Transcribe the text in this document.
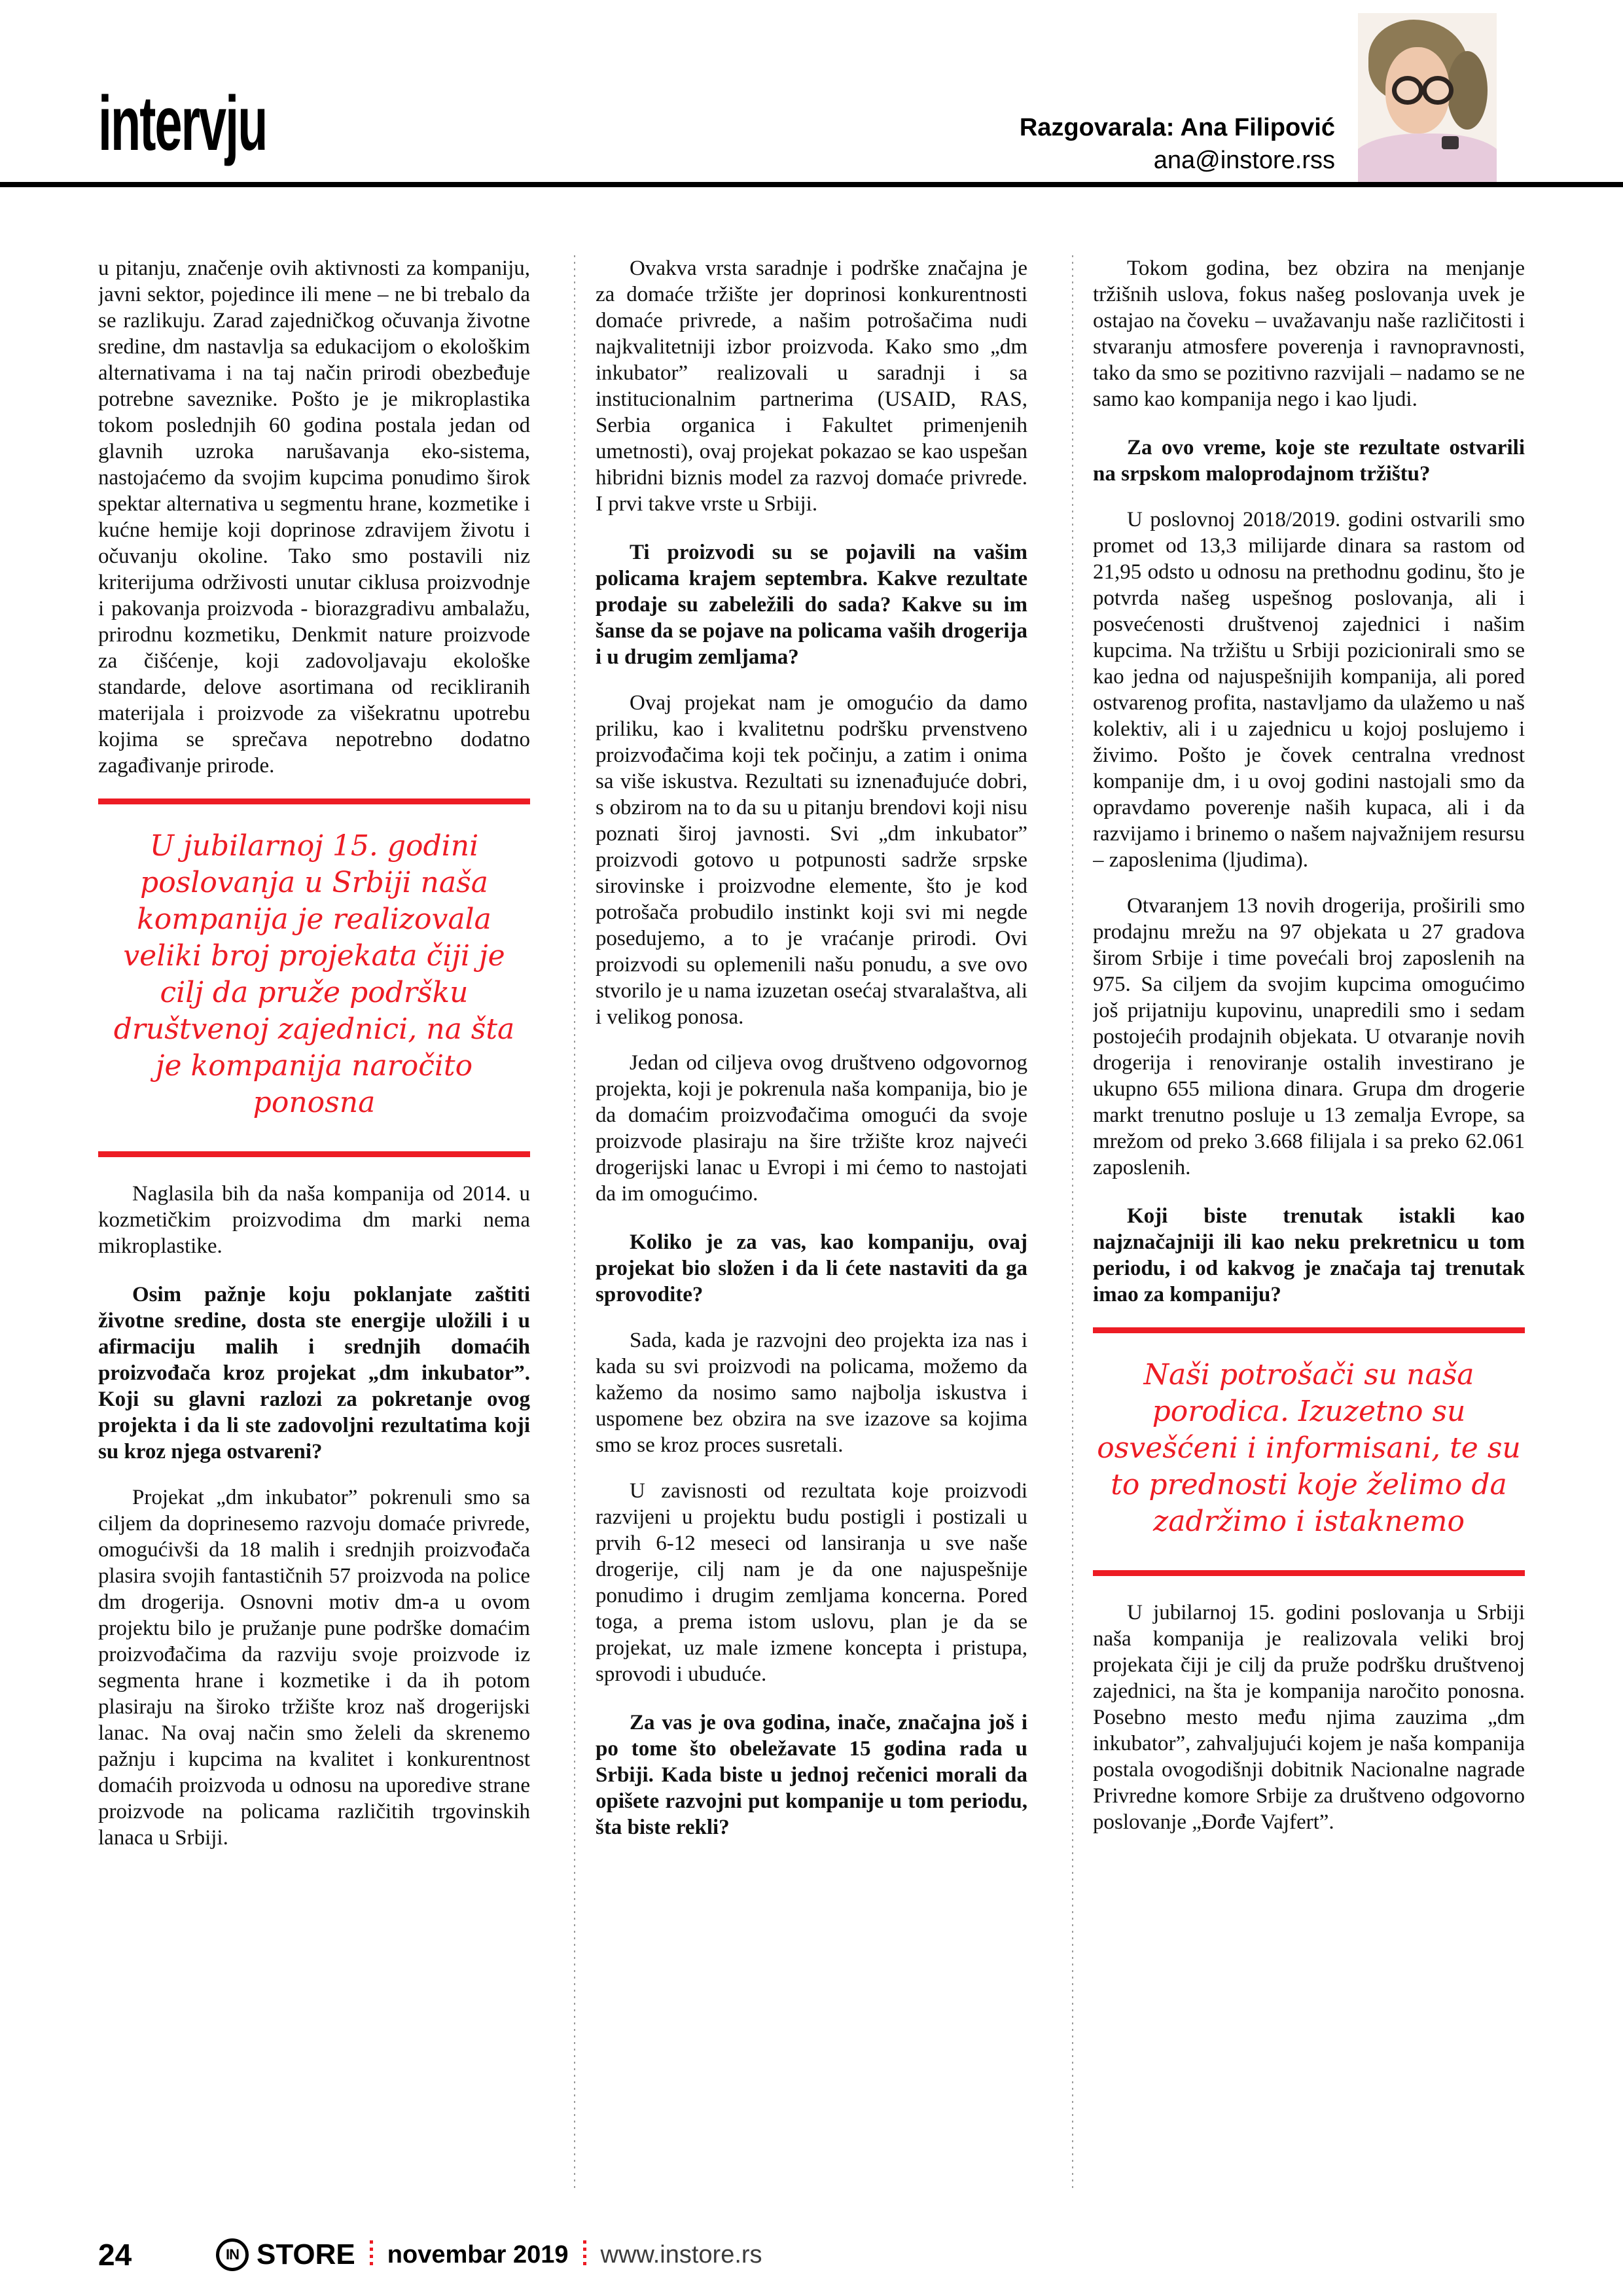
intervju	Razgovarala: Ana Filipović
ana@instore.rss

u pitanju, značenje ovih aktivnosti za kompaniju, javni sektor, pojedince ili mene – ne bi trebalo da se razlikuju. Zarad zajedničkog očuvanja životne sredine, dm nastavlja sa edukacijom o ekološkim alternativama i na taj način prirodi obezbeđuje potrebne saveznike. Pošto je je mikroplastika tokom poslednjih 60 godina postala jedan od glavnih uzroka narušavanja eko-sistema, nastojaćemo da svojim kupcima ponudimo širok spektar alternativa u segmentu hrane, kozmetike i kućne hemije koji doprinose zdravijem životu i očuvanju okoline. Tako smo postavili niz kriterijuma održivosti unutar ciklusa proizvodnje i pakovanja proizvoda - biorazgradivu ambalažu, prirodnu kozmetiku, Denkmit nature proizvode za čišćenje, koji zadovoljavaju ekološke standarde, delove asortimana od recikliranih materijala i proizvode za višekratnu upotrebu kojima se sprečava nepotrebno dodatno zagađivanje prirode.

U jubilarnoj 15. godini poslovanja u Srbiji naša kompanija je realizovala veliki broj projekata čiji je cilj da pruže podršku društvenoj zajednici, na šta je kompanija naročito ponosna

Naglasila bih da naša kompanija od 2014. u kozmetičkim proizvodima dm marki nema mikroplastike.

Osim pažnje koju poklanjate zaštiti životne sredine, dosta ste energije uložili i u afirmaciju malih i srednjih domaćih proizvođača kroz projekat „dm inkubator”. Koji su glavni razlozi za pokretanje ovog projekta i da li ste zadovoljni rezultatima koji su kroz njega ostvareni?

Projekat „dm inkubator” pokrenuli smo sa ciljem da doprinesemo razvoju domaće privrede, omogućivši da 18 malih i srednjih proizvođača plasira svojih fantastičnih 57 proizvoda na police dm drogerija. Osnovni motiv dm-a u ovom projektu bilo je pružanje pune podrške domaćim proizvođačima da razviju svoje proizvode iz segmenta hrane i kozmetike i da ih potom plasiraju na široko tržište kroz naš drogerijski lanac. Na ovaj način smo želeli da skrenemo pažnju i kupcima na kvalitet i konkurentnost domaćih proizvoda u odnosu na uporedive strane proizvode na policama različitih trgovinskih lanaca u Srbiji.

Ovakva vrsta saradnje i podrške značajna je za domaće tržište jer doprinosi konkurentnosti domaće privrede, a našim potrošačima nudi najkvalitetniji izbor proizvoda. Kako smo „dm inkubator” realizovali u saradnji i sa institucionalnim partnerima (USAID, RAS, Serbia organica i Fakultet primenjenih umetnosti), ovaj projekat pokazao se kao uspešan hibridni biznis model za razvoj domaće privrede. I prvi takve vrste u Srbiji.

Ti proizvodi su se pojavili na vašim policama krajem septembra. Kakve rezultate prodaje su zabeležili do sada? Kakve su im šanse da se pojave na policama vaših drogerija i u drugim zemljama?

Ovaj projekat nam je omogućio da damo priliku, kao i kvalitetnu podršku prvenstveno proizvođačima koji tek počinju, a zatim i onima sa više iskustva. Rezultati su iznenađujuće dobri, s obzirom na to da su u pitanju brendovi koji nisu poznati široj javnosti. Svi „dm inkubator” proizvodi gotovo u potpunosti sadrže srpske sirovinske i proizvodne elemente, što je kod potrošača probudilo instinkt koji svi mi negde posedujemo, a to je vraćanje prirodi. Ovi proizvodi su oplemenili našu ponudu, a sve ovo stvorilo je u nama izuzetan osećaj stvaralaštva, ali i velikog ponosa.

Jedan od ciljeva ovog društveno odgovornog projekta, koji je pokrenula naša kompanija, bio je da domaćim proizvođačima omogući da svoje proizvode plasiraju na šire tržište kroz najveći drogerijski lanac u Evropi i mi ćemo to nastojati da im omogućimo.

Koliko je za vas, kao kompaniju, ovaj projekat bio složen i da li ćete nastaviti da ga sprovodite?

Sada, kada je razvojni deo projekta iza nas i kada su svi proizvodi na policama, možemo da kažemo da nosimo samo najbolja iskustva i uspomene bez obzira na sve izazove sa kojima smo se kroz proces susretali.

U zavisnosti od rezultata koje proizvodi razvijeni u projektu budu postigli i postizali u prvih 6-12 meseci od lansiranja u sve naše drogerije, cilj nam je da one najuspešnije ponudimo i drugim zemljama koncerna. Pored toga, a prema istom uslovu, plan je da se projekat, uz male izmene koncepta i pristupa, sprovodi i ubuduće.

Za vas je ova godina, inače, značajna još i po tome što obeležavate 15 godina rada u Srbiji. Kada biste u jednoj rečenici morali da opišete razvojni put kompanije u tom periodu, šta biste rekli?

Tokom godina, bez obzira na menjanje tržišnih uslova, fokus našeg poslovanja uvek je ostajao na čoveku – uvažavanju naše različitosti i stvaranju atmosfere poverenja i ravnopravnosti, tako da smo se pozitivno razvijali – nadamo se ne samo kao kompanija nego i kao ljudi.

Za ovo vreme, koje ste rezultate ostvarili na srpskom maloprodajnom tržištu?

U poslovnoj 2018/2019. godini ostvarili smo promet od 13,3 milijarde dinara sa rastom od 21,95 odsto u odnosu na prethodnu godinu, što je potvrda našeg uspešnog poslovanja, ali i posvećenosti društvenoj zajednici i našim kupcima. Na tržištu u Srbiji pozicionirali smo se kao jedna od najuspešnijih kompanija, ali pored ostvarenog profita, nastavljamo da ulažemo u naš kolektiv, ali i u zajednicu u kojoj poslujemo i živimo. Pošto je čovek centralna vrednost kompanije dm, i u ovoj godini nastojali smo da opravdamo poverenje naših kupaca, ali i da razvijamo i brinemo o našem najvažnijem resursu – zaposlenima (ljudima).

Otvaranjem 13 novih drogerija, proširili smo prodajnu mrežu na 97 objekata u 27 gradova širom Srbije i time povećali broj zaposlenih na 975. Sa ciljem da svojim kupcima omogućimo još prijatniju kupovinu, unapredili smo i sedam postojećih prodajnih objekata. U otvaranje novih drogerija i renoviranje ostalih investirano je ukupno 655 miliona dinara. Grupa dm drogerie markt trenutno posluje u 13 zemalja Evrope, sa mrežom od preko 3.668 filijala i sa preko 62.061 zaposlenih.

Koji biste trenutak istakli kao najznačajniji ili kao neku prekretnicu u tom periodu, i od kakvog je značaja taj trenutak imao za kompaniju?

Naši potrošači su naša porodica. Izuzetno su osvešćeni i informisani, te su to prednosti koje želimo da zadržimo i istaknemo

U jubilarnoj 15. godini poslovanja u Srbiji naša kompanija je realizovala veliki broj projekata čiji je cilj da pruže podršku društvenoj zajednici, na šta je kompanija naročito ponosna. Posebno mesto među njima zauzima „dm inkubator”, zahvaljujući kojem je naša kompanija postala ovogodišnji dobitnik Nacionalne nagrade Privredne komore Srbije za društveno odgovorno poslovanje „Đorđe Vajfert”.

24	IN STORE novembar 2019 www.instore.rs
